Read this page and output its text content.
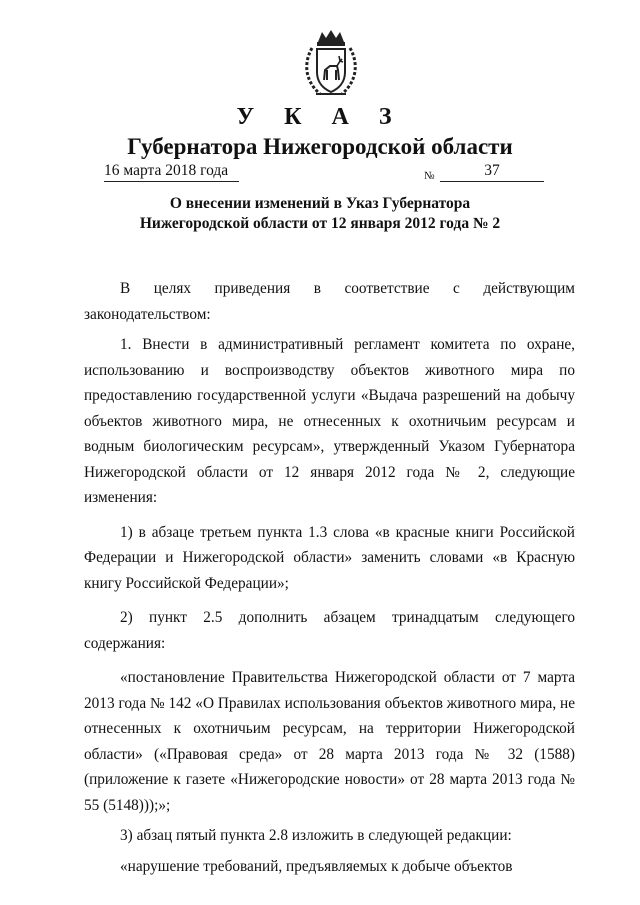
У К А З
Губернатора Нижегородской области
16 марта 2018 года	№	37
О внесении изменений в Указ Губернатора Нижегородской области от 12 января 2012 года № 2

В целях приведения в соответствие с действующим законодательством:

1. Внести в административный регламент комитета по охране, использованию и воспроизводству объектов животного мира по предоставлению государственной услуги «Выдача разрешений на добычу объектов животного мира, не отнесенных к охотничьим ресурсам и водным биологическим ресурсам», утвержденный Указом Губернатора Нижегородской области от 12 января 2012 года № 2, следующие изменения:

1) в абзаце третьем пункта 1.3 слова «в красные книги Российской Федерации и Нижегородской области» заменить словами «в Красную книгу Российской Федерации»;

2) пункт 2.5 дополнить абзацем тринадцатым следующего содержания:

«постановление Правительства Нижегородской области от 7 марта 2013 года № 142 «О Правилах использования объектов животного мира, не отнесенных к охотничьим ресурсам, на территории Нижегородской области» («Правовая среда» от 28 марта 2013 года № 32 (1588) (приложение к газете «Нижегородские новости» от 28 марта 2013 года № 55 (5148)));»;

3) абзац пятый пункта 2.8 изложить в следующей редакции:

«нарушение требований, предъявляемых к добыче объектов
